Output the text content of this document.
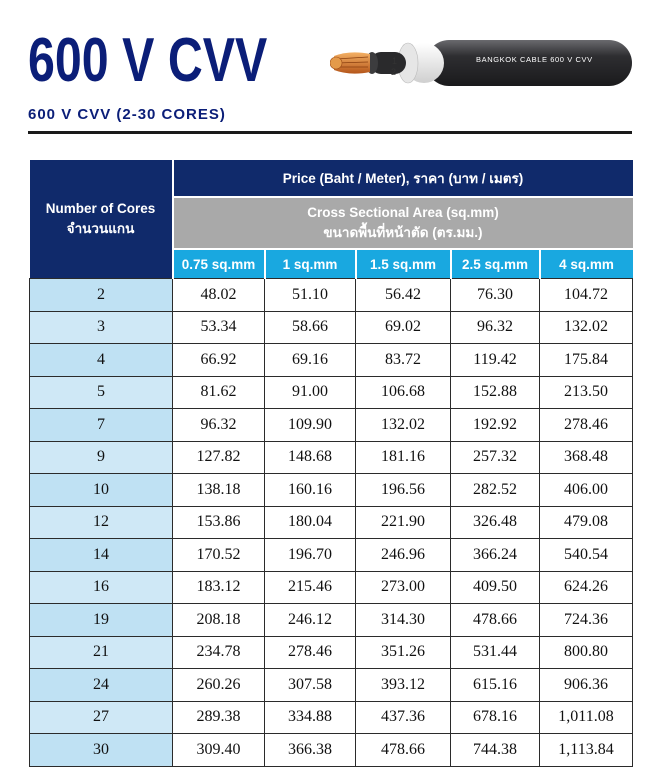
600 V CVV	1
2
BANGKOK CABLE 600 V CVV
600 V CVV (2-30 CORES)
Number of Cores
จำนวนแกน	Price (Baht / Meter), ราคา (บาท / เมตร)				

	Cross Sectional Area (sq.mm)
ขนาดพื้นที่หน้าตัด (ตร.มม.)				

	0.75 sq.mm	1 sq.mm	1.5 sq.mm	2.5 sq.mm	4 sq.mm
2	48.02	51.10	56.42	76.30	104.72
3	53.34	58.66	69.02	96.32	132.02
4	66.92	69.16	83.72	119.42	175.84
5	81.62	91.00	106.68	152.88	213.50
7	96.32	109.90	132.02	192.92	278.46
9	127.82	148.68	181.16	257.32	368.48
10	138.18	160.16	196.56	282.52	406.00
12	153.86	180.04	221.90	326.48	479.08
14	170.52	196.70	246.96	366.24	540.54
16	183.12	215.46	273.00	409.50	624.26
19	208.18	246.12	314.30	478.66	724.36
21	234.78	278.46	351.26	531.44	800.80
24	260.26	307.58	393.12	615.16	906.36
27	289.38	334.88	437.36	678.16	1,011.08
30	309.40	366.38	478.66	744.38	1,113.84
